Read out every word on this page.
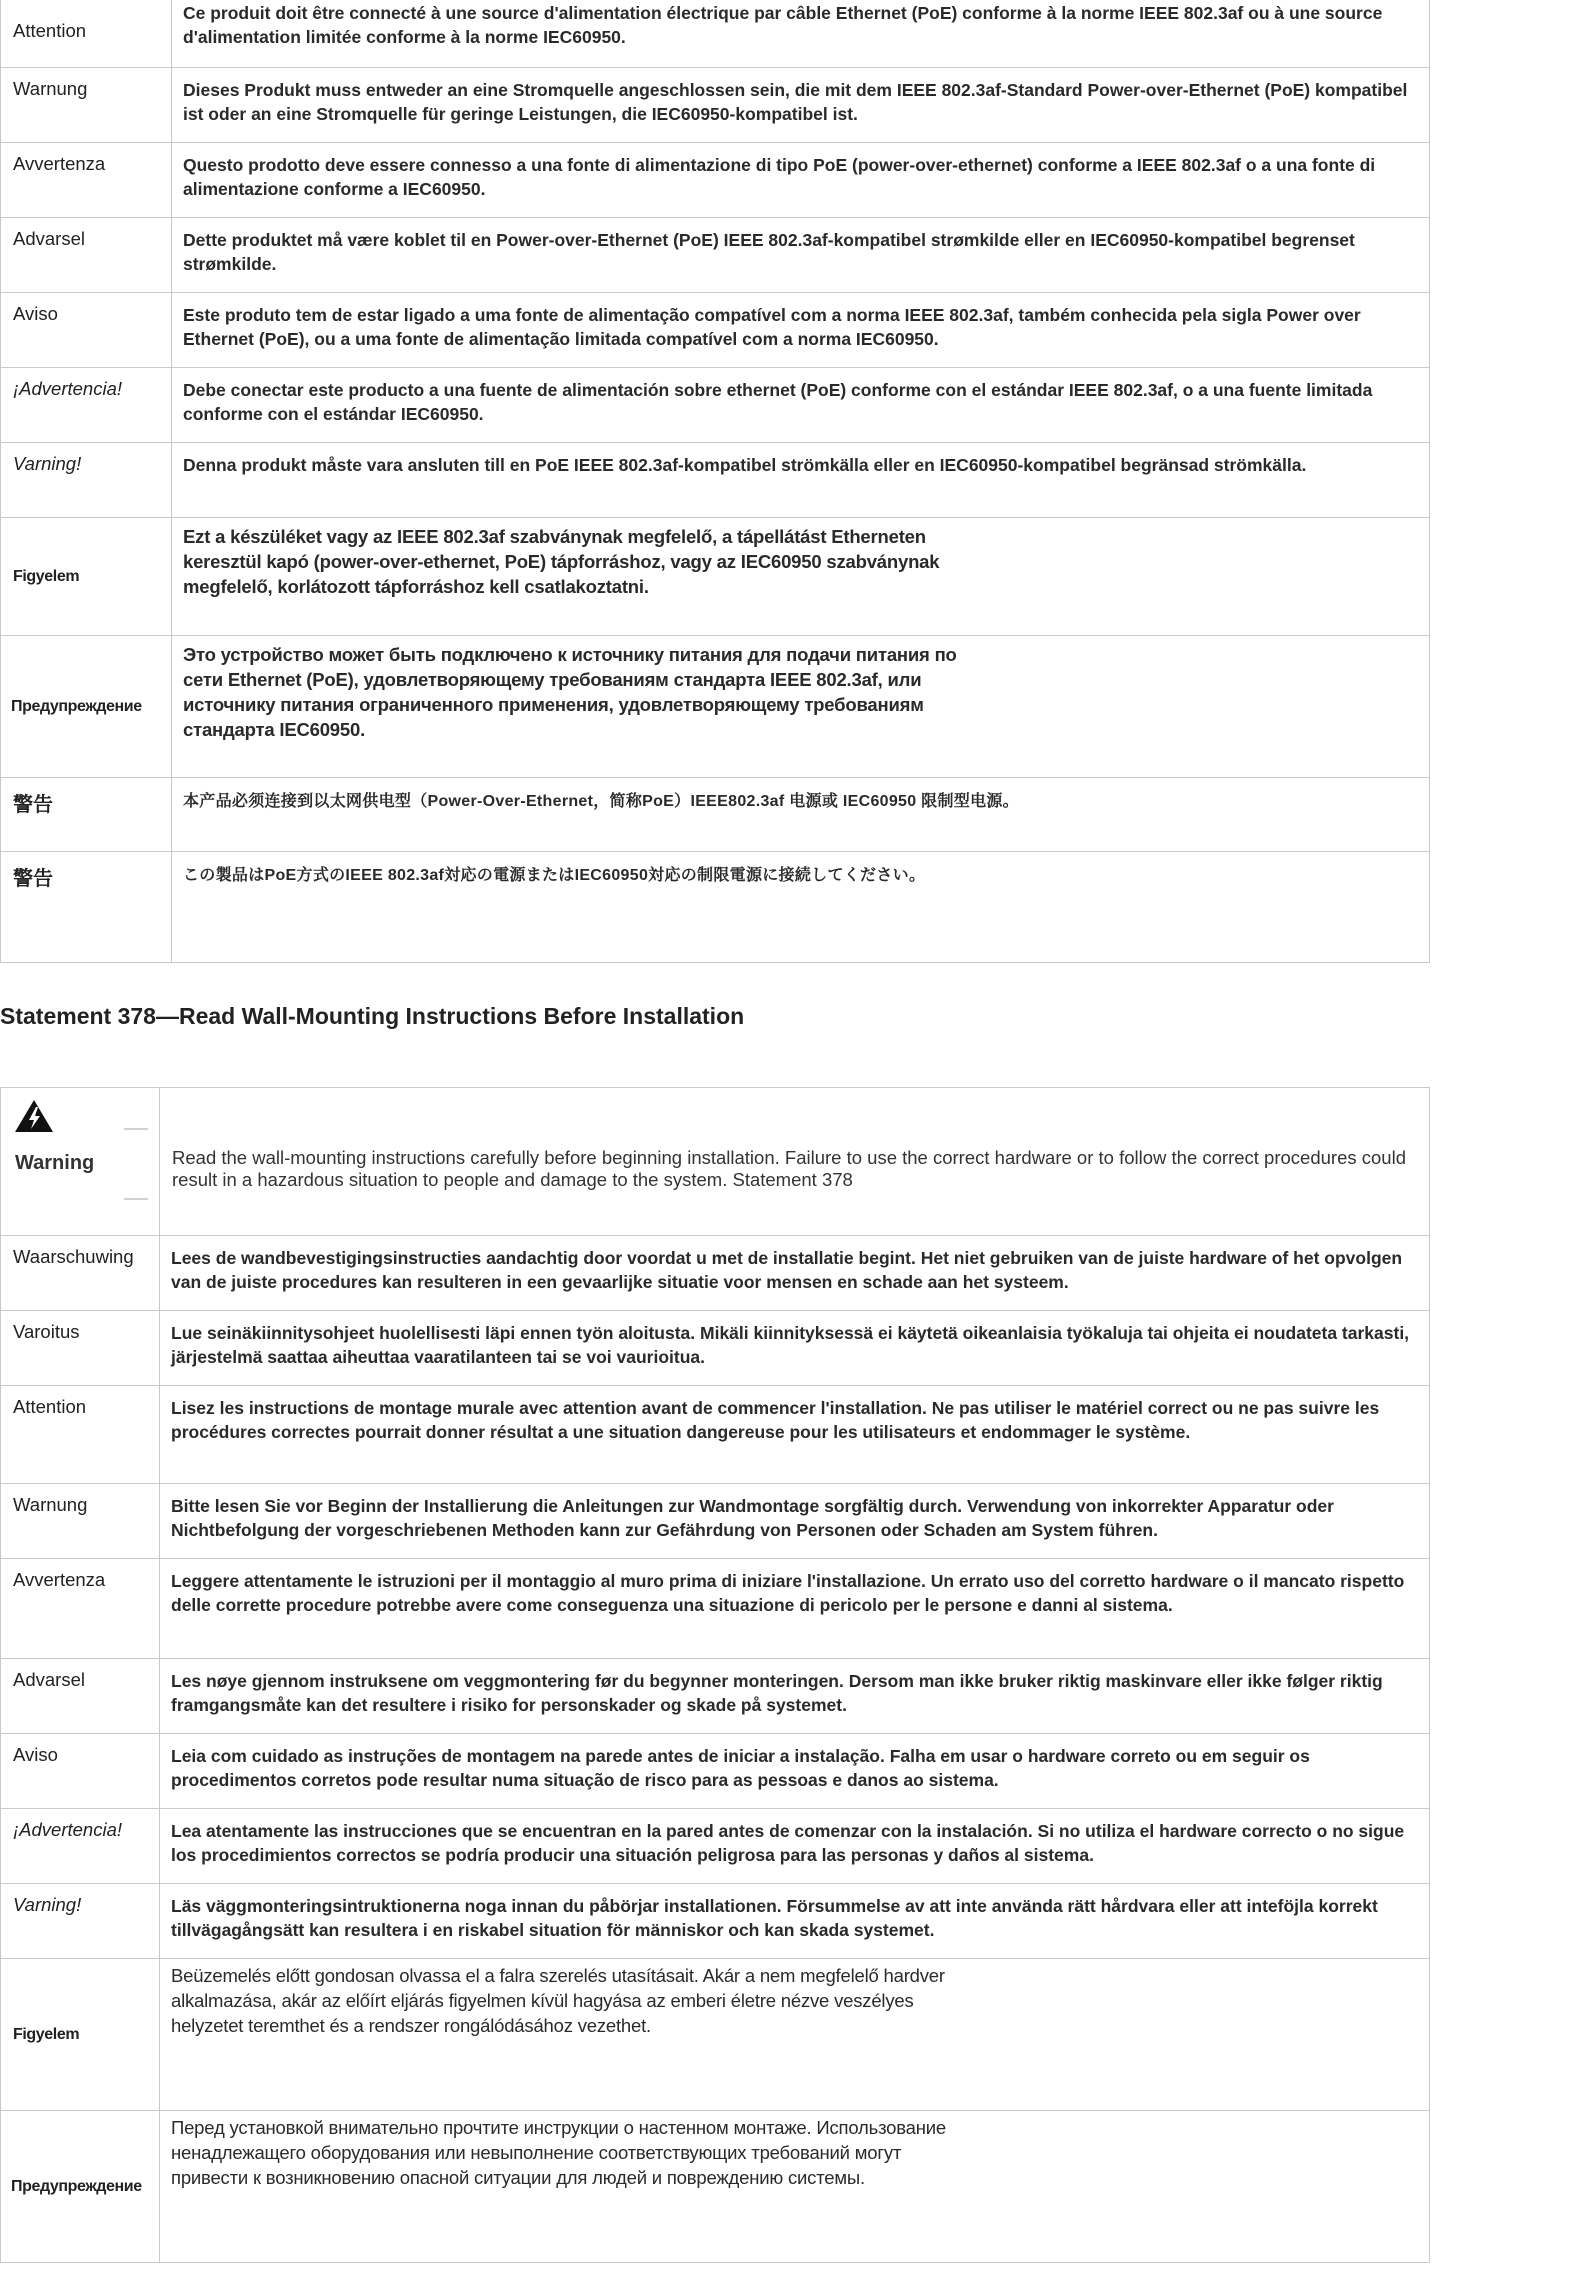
Attention	Ce produit doit être connecté à une source d'alimentation électrique par câble Ethernet (PoE) conforme à la norme IEEE 802.3af ou à une source d'alimentation limitée conforme à la norme IEC60950.
Warnung	Dieses Produkt muss entweder an eine Stromquelle angeschlossen sein, die mit dem IEEE 802.3af-Standard Power-over-Ethernet (PoE) kompatibel ist oder an eine Stromquelle für geringe Leistungen, die IEC60950-kompatibel ist.
Avvertenza	Questo prodotto deve essere connesso a una fonte di alimentazione di tipo PoE (power-over-ethernet) conforme a IEEE 802.3af o a una fonte di alimentazione conforme a IEC60950.
Advarsel	Dette produktet må være koblet til en Power-over-Ethernet (PoE) IEEE 802.3af-kompatibel strømkilde eller en IEC60950-kompatibel begrenset strømkilde.
Aviso	Este produto tem de estar ligado a uma fonte de alimentação compatível com a norma IEEE 802.3af, também conhecida pela sigla Power over Ethernet (PoE), ou a uma fonte de alimentação limitada compatível com a norma IEC60950.
¡Advertencia!	Debe conectar este producto a una fuente de alimentación sobre ethernet (PoE) conforme con el estándar IEEE 802.3af, o a una fuente limitada conforme con el estándar IEC60950.
Varning!	Denna produkt måste vara ansluten till en PoE IEEE 802.3af-kompatibel strömkälla eller en IEC60950-kompatibel begränsad strömkälla.
Figyelem	Ezt a készüléket vagy az IEEE 802.3af szabványnak megfelelő, a tápellátást Etherneten keresztül kapó (power-over-ethernet, PoE) tápforráshoz, vagy az IEC60950 szabványnak megfelelő, korlátozott tápforráshoz kell csatlakoztatni.
Предупреждение	Это устройство может быть подключено к источнику питания для подачи питания по сети Ethernet (PoE), удовлетворяющему требованиям стандарта IEEE 802.3af, или источнику питания ограниченного применения, удовлетворяющему требованиям стандарта IEC60950.
警告	本产品必须连接到以太网供电型（Power-Over-Ethernet，简称PoE）IEEE802.3af 电源或 IEC60950 限制型电源。
警告	この製品はPoE方式のIEEE 802.3af対応の電源またはIEC60950対応の制限電源に接続してください。
Statement 378—Read Wall-Mounting Instructions Before Installation
Warning	Read the wall-mounting instructions carefully before beginning installation. Failure to use the correct hardware or to follow the correct procedures could result in a hazardous situation to people and damage to the system. Statement 378
Waarschuwing	Lees de wandbevestigingsinstructies aandachtig door voordat u met de installatie begint. Het niet gebruiken van de juiste hardware of het opvolgen van de juiste procedures kan resulteren in een gevaarlijke situatie voor mensen en schade aan het systeem.
Varoitus	Lue seinäkiinnitysohjeet huolellisesti läpi ennen työn aloitusta. Mikäli kiinnityksessä ei käytetä oikeanlaisia työkaluja tai ohjeita ei noudateta tarkasti, järjestelmä saattaa aiheuttaa vaaratilanteen tai se voi vaurioitua.
Attention	Lisez les instructions de montage murale avec attention avant de commencer l'installation. Ne pas utiliser le matériel correct ou ne pas suivre les procédures correctes pourrait donner résultat a une situation dangereuse pour les utilisateurs et endommager le système.
Warnung	Bitte lesen Sie vor Beginn der Installierung die Anleitungen zur Wandmontage sorgfältig durch. Verwendung von inkorrekter Apparatur oder Nichtbefolgung der vorgeschriebenen Methoden kann zur Gefährdung von Personen oder Schaden am System führen.
Avvertenza	Leggere attentamente le istruzioni per il montaggio al muro prima di iniziare l'installazione. Un errato uso del corretto hardware o il mancato rispetto delle corrette procedure potrebbe avere come conseguenza una situazione di pericolo per le persone e danni al sistema.
Advarsel	Les nøye gjennom instruksene om veggmontering før du begynner monteringen. Dersom man ikke bruker riktig maskinvare eller ikke følger riktig framgangsmåte kan det resultere i risiko for personskader og skade på systemet.
Aviso	Leia com cuidado as instruções de montagem na parede antes de iniciar a instalação. Falha em usar o hardware correto ou em seguir os procedimentos corretos pode resultar numa situação de risco para as pessoas e danos ao sistema.
¡Advertencia!	Lea atentamente las instrucciones que se encuentran en la pared antes de comenzar con la instalación. Si no utiliza el hardware correcto o no sigue los procedimientos correctos se podría producir una situación peligrosa para las personas y daños al sistema.
Varning!	Läs väggmonteringsintruktionerna noga innan du påbörjar installationen. Försummelse av att inte använda rätt hårdvara eller att inteföjla korrekt tillvägagångsätt kan resultera i en riskabel situation för människor och kan skada systemet.
Figyelem	Beüzemelés előtt gondosan olvassa el a falra szerelés utasításait. Akár a nem megfelelő hardver alkalmazása, akár az előírt eljárás figyelmen kívül hagyása az emberi életre nézve veszélyes helyzetet teremthet és a rendszer rongálódásához vezethet.
Предупреждение	Перед установкой внимательно прочтите инструкции о настенном монтаже. Использование ненадлежащего оборудования или невыполнение соответствующих требований могут привести к возникновению опасной ситуации для людей и повреждению системы.
